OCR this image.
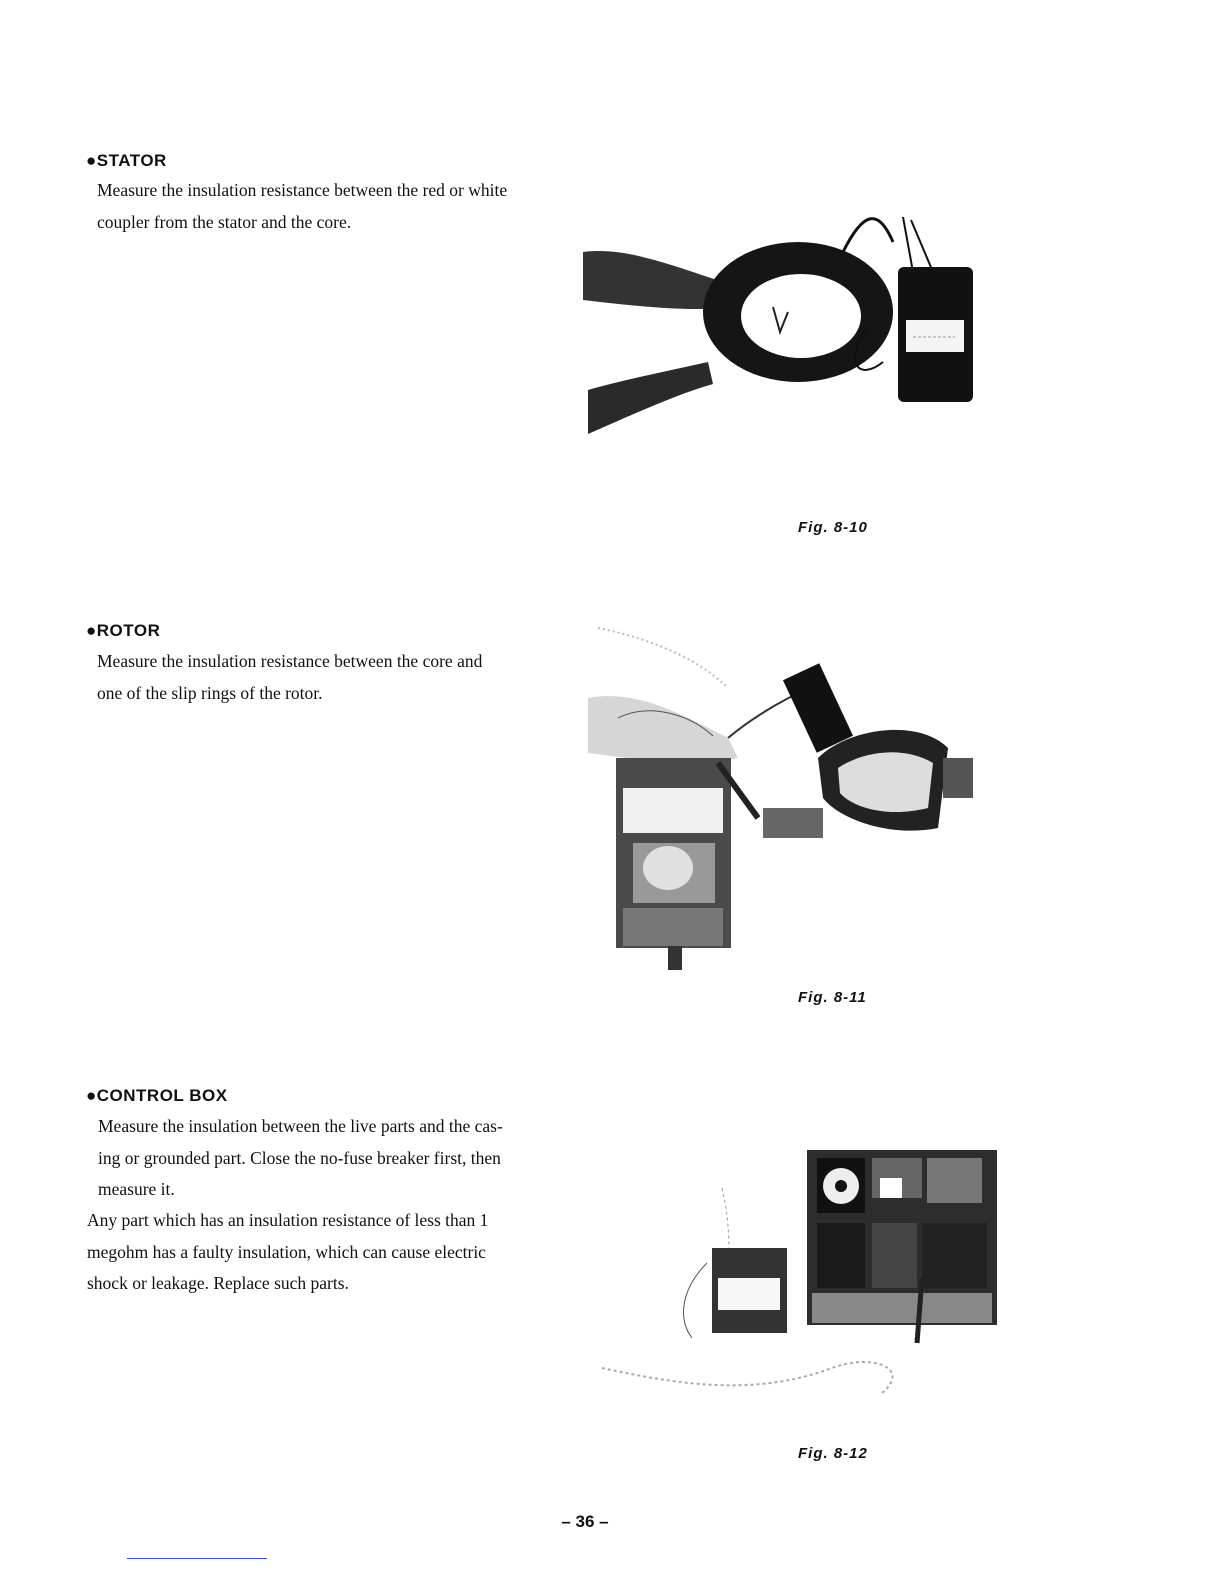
●STATOR
Measure the insulation resistance between the red or white
coupler from the stator and the core.

Fig. 8-10

●ROTOR
Measure the insulation resistance between the core and
one of the slip rings of the rotor.

Fig. 8-11

●CONTROL BOX
Measure the insulation between the live parts and the cas-
ing or grounded part. Close the no-fuse breaker first, then
measure it.
Any part which has an insulation resistance of less than 1
megohm has a faulty insulation, which can cause electric
shock or leakage. Replace such parts.

Fig. 8-12

– 36 –
